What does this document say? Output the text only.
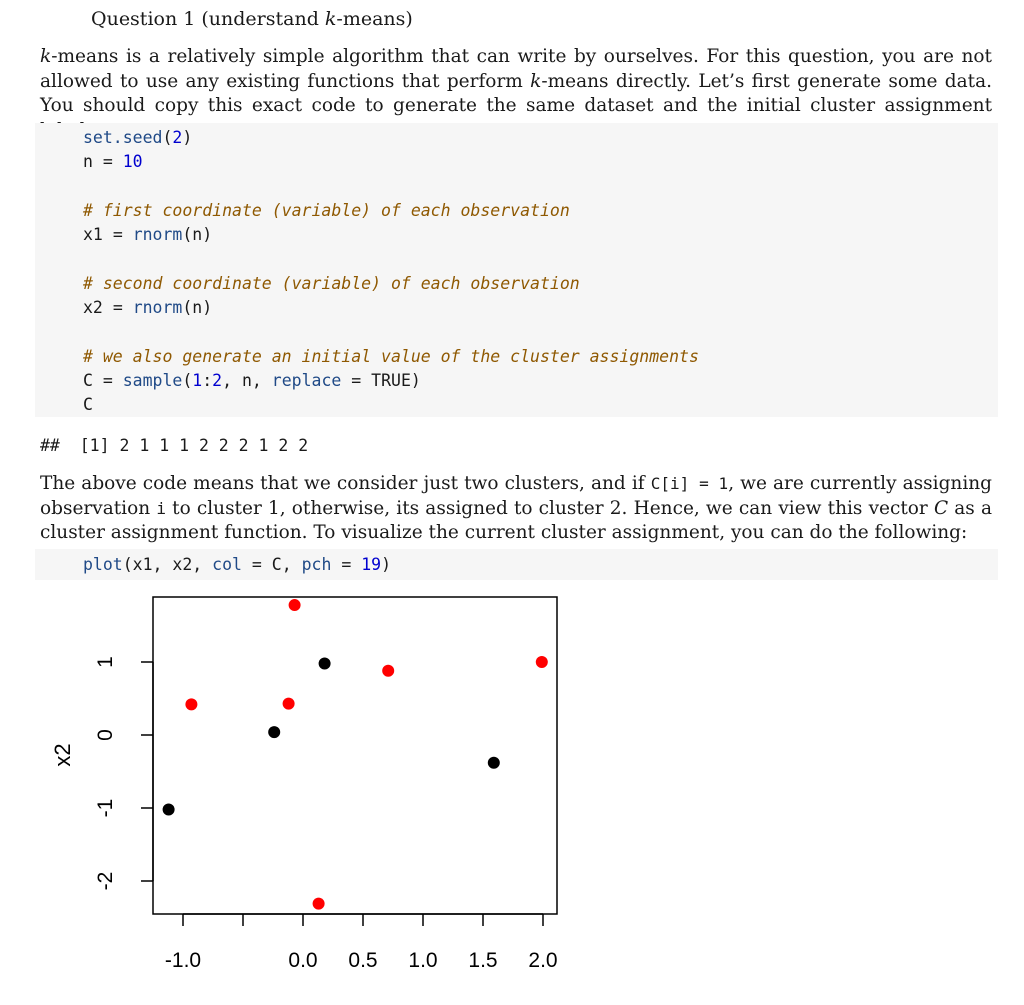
Question 1 (understand k-means)
k-means is a relatively simple algorithm that can write by ourselves. For this question, you are not allowed to use any existing functions that perform k-means directly. Let’s first generate some data. You should copy this exact code to generate the same dataset and the initial cluster assignment
set.seed(2)
n = 10
# first coordinate (variable) of each observation
x1 = rnorm(n)
# second coordinate (variable) of each observation
x2 = rnorm(n)
# we also generate an initial value of the cluster assignments
C = sample(1:2, n, replace = TRUE)
C
##  [1] 2 1 1 1 2 2 2 1 2 2
The above code means that we consider just two clusters, and if C[i] = 1, we are currently assigning observation i to cluster 1, otherwise, its assigned to cluster 2. Hence, we can view this vector C as a cluster assignment function. To visualize the current cluster assignment, you can do the following:
plot(x1, x2, col = C, pch = 19)
-1.0	0.0 0.5 1.0 1.5 2.0
-2
-1
0
1
x2
